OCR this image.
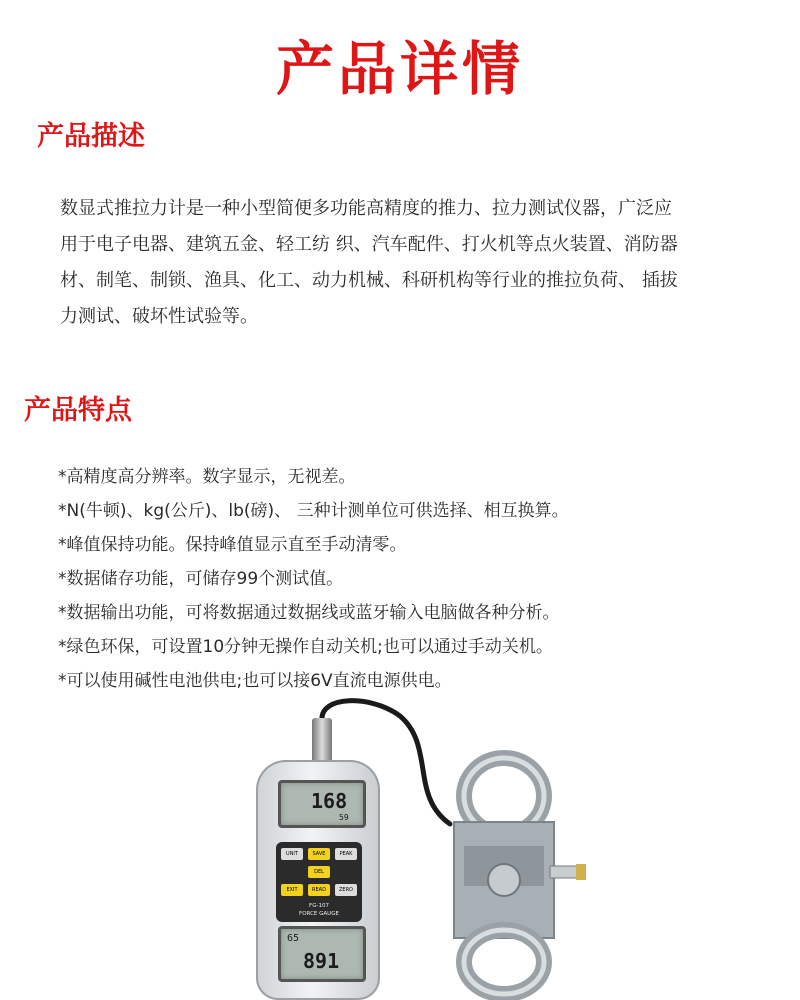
产品详情
产品描述
数显式推拉力计是一种小型简便多功能高精度的推力、拉力测试仪器，广泛应
用于电子电器、建筑五金、轻工纺 织、汽车配件、打火机等点火装置、消防器
材、制笔、制锁、渔具、化工、动力机械、科研机构等行业的推拉负荷、 插拔
力测试、破坏性试验等。
产品特点
*高精度高分辨率。数字显示，无视差。
*N(牛顿)、kg(公斤)、lb(磅)、 三种计测单位可供选择、相互换算。
*峰值保持功能。保持峰值显示直至手动清零。
*数据储存功能，可储存99个测试值。
*数据输出功能，可将数据通过数据线或蓝牙输入电脑做各种分析。
*绿色环保，可设置10分钟无操作自动关机;也可以通过手动关机。
*可以使用碱性电池供电;也可以接6V直流电源供电。
168
59
UNIT	SAVE	PEAK
DEL
EXIT	READ	ZERO
FG-107
FORCE GAUGE
65
891
